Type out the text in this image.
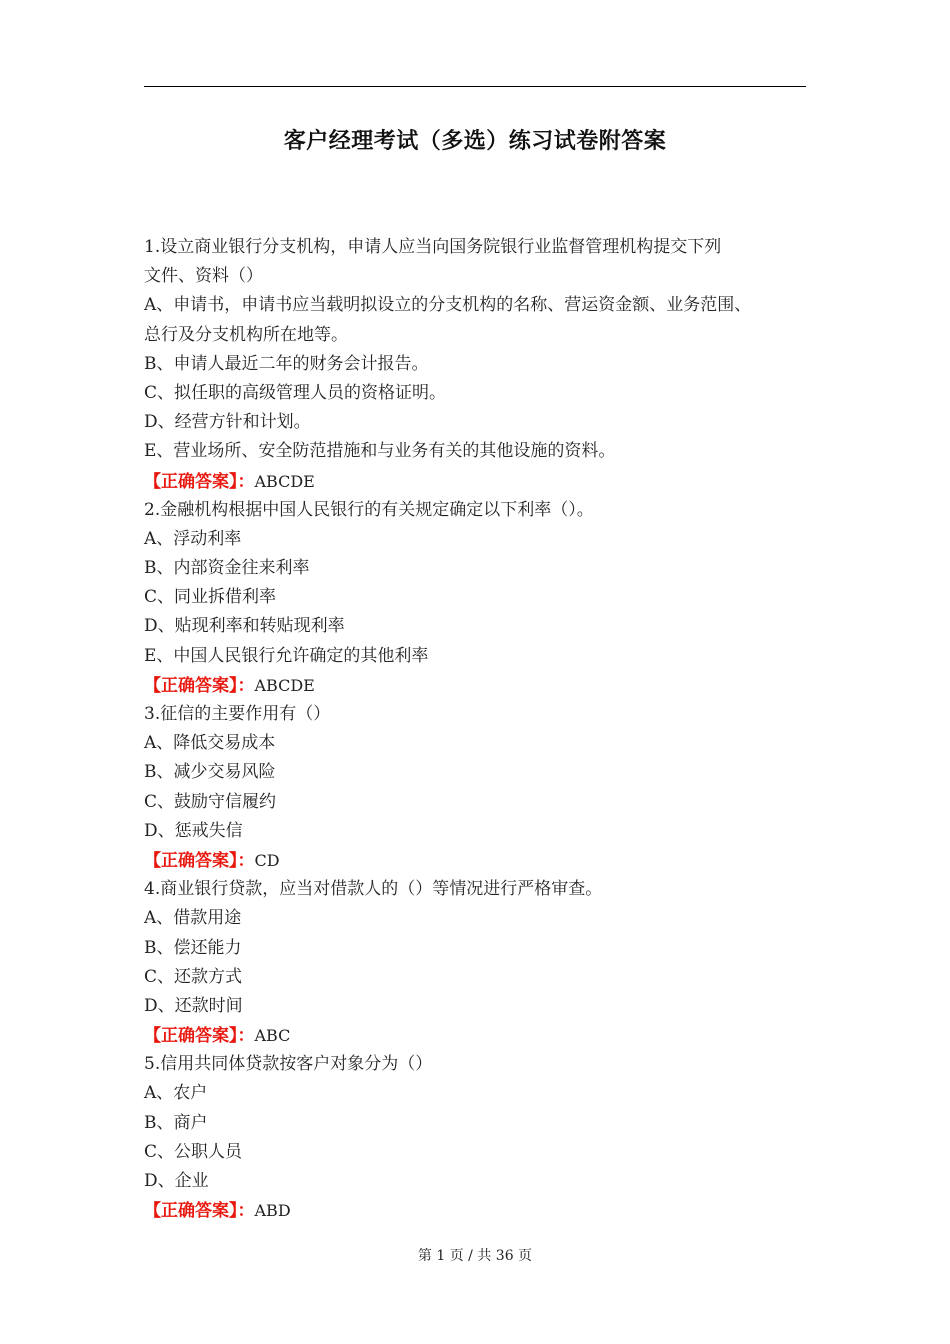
客户经理考试（多选）练习试卷附答案
1.设立商业银行分支机构，申请人应当向国务院银行业监督管理机构提交下列
文件、资料（）
A、申请书，申请书应当载明拟设立的分支机构的名称、营运资金额、业务范围、
总行及分支机构所在地等。
B、申请人最近二年的财务会计报告。
C、拟任职的高级管理人员的资格证明。
D、经营方针和计划。
E、营业场所、安全防范措施和与业务有关的其他设施的资料。
【正确答案】：ABCDE
2.金融机构根据中国人民银行的有关规定确定以下利率（）。
A、浮动利率
B、内部资金往来利率
C、同业拆借利率
D、贴现利率和转贴现利率
E、中国人民银行允许确定的其他利率
【正确答案】：ABCDE
3.征信的主要作用有（）
A、降低交易成本
B、减少交易风险
C、鼓励守信履约
D、惩戒失信
【正确答案】：CD
4.商业银行贷款，应当对借款人的（）等情况进行严格审查。
A、借款用途
B、偿还能力
C、还款方式
D、还款时间
【正确答案】：ABC
5.信用共同体贷款按客户对象分为（）
A、农户
B、商户
C、公职人员
D、企业
【正确答案】：ABD
第 1 页 / 共 36 页
